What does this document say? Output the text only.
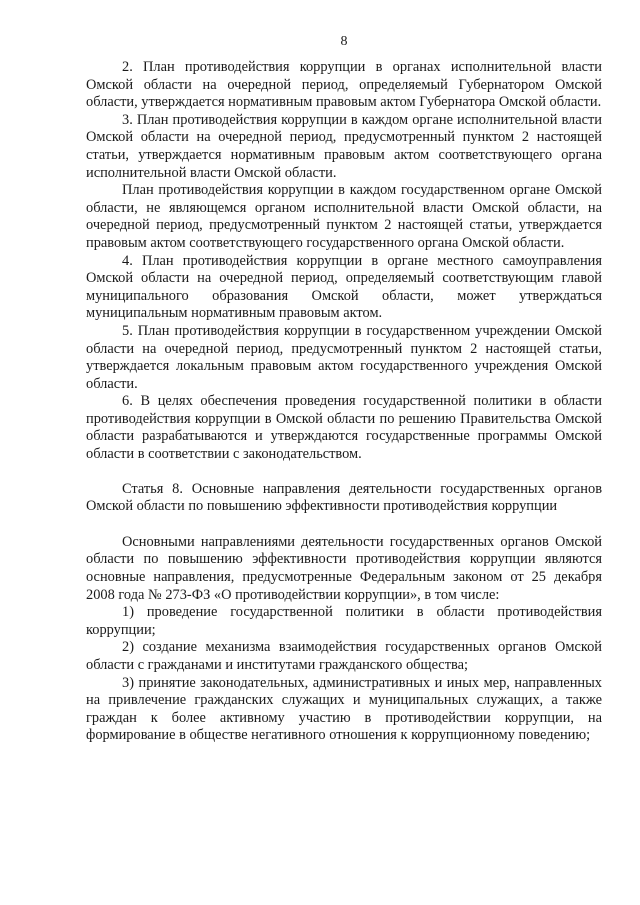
8

2. План противодействия коррупции в органах исполнительной власти Омской области на очередной период, определяемый Губернатором Омской области, утверждается нормативным правовым актом Губернатора Омской области.

3. План противодействия коррупции в каждом органе исполнительной власти Омской области на очередной период, предусмотренный пунктом 2 настоящей статьи, утверждается нормативным правовым актом соответствующего органа исполнительной власти Омской области.

План противодействия коррупции в каждом государственном органе Омской области, не являющемся органом исполнительной власти Омской области, на очередной период, предусмотренный пунктом 2 настоящей статьи, утверждается правовым актом соответствующего государственного органа Омской области.

4. План противодействия коррупции в органе местного самоуправления Омской области на очередной период, определяемый соответствующим главой муниципального образования Омской области, может утверждаться муниципальным нормативным правовым актом.

5. План противодействия коррупции в государственном учреждении Омской области на очередной период, предусмотренный пунктом 2 настоящей статьи, утверждается локальным правовым актом государственного учреждения Омской области.

6. В целях обеспечения проведения государственной политики в области противодействия коррупции в Омской области по решению Правительства Омской области разрабатываются и утверждаются государственные программы Омской области в соответствии с законодательством.

Статья 8. Основные направления деятельности государственных органов Омской области по повышению эффективности противодействия коррупции

Основными направлениями деятельности государственных органов Омской области по повышению эффективности противодействия коррупции являются основные направления, предусмотренные Федеральным законом от 25 декабря 2008 года № 273-ФЗ «О противодействии коррупции», в том числе:

1) проведение государственной политики в области противодействия коррупции;

2) создание механизма взаимодействия государственных органов Омской области с гражданами и институтами гражданского общества;

3) принятие законодательных, административных и иных мер, направленных на привлечение гражданских служащих и муниципальных служащих, а также граждан к более активному участию в противодействии коррупции, на формирование в обществе негативного отношения к коррупционному поведению;
